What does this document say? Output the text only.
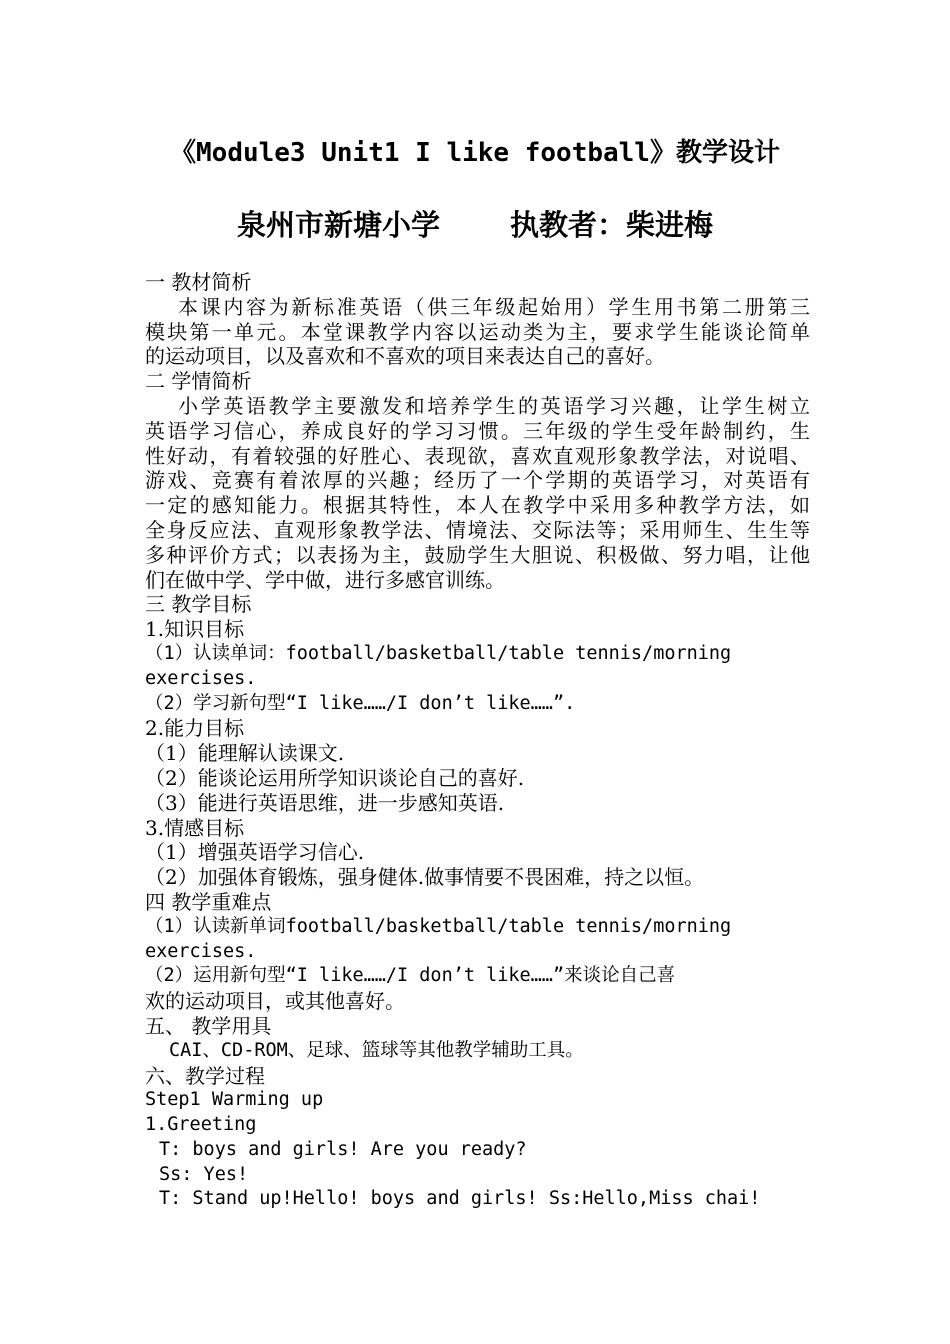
《Module3 Unit1 I like football》教学设计
泉州市新塘小学 执教者：柴进梅
一 教材简析
本课内容为新标准英语（供三年级起始用）学生用书第二册第三
模块第一单元。本堂课教学内容以运动类为主，要求学生能谈论简单
的运动项目，以及喜欢和不喜欢的项目来表达自己的喜好。
二 学情简析
小学英语教学主要激发和培养学生的英语学习兴趣，让学生树立
英语学习信心，养成良好的学习习惯。三年级的学生受年龄制约，生
性好动，有着较强的好胜心、表现欲，喜欢直观形象教学法，对说唱、
游戏、竞赛有着浓厚的兴趣；经历了一个学期的英语学习，对英语有
一定的感知能力。根据其特性，本人在教学中采用多种教学方法，如
全身反应法、直观形象教学法、情境法、交际法等；采用师生、生生等
多种评价方式；以表扬为主，鼓励学生大胆说、积极做、努力唱，让他
们在做中学、学中做，进行多感官训练。
三 教学目标
1.知识目标
（1）认读单词：football/basketball/table tennis/morning
exercises.
（2）学习新句型“I like……/I don’t like……”.
2.能力目标
（1）能理解认读课文.
（2）能谈论运用所学知识谈论自己的喜好.
（3）能进行英语思维，进一步感知英语.
3.情感目标
（1）增强英语学习信心.
（2）加强体育锻炼，强身健体.做事情要不畏困难，持之以恒。
四 教学重难点
（1）认读新单词football/basketball/table tennis/morning
exercises.
（2）运用新句型“I like……/I don’t like……”来谈论自己喜
欢的运动项目，或其他喜好。
五、 教学用具
CAI、CD-ROM、足球、篮球等其他教学辅助工具。
六、教学过程
Step1 Warming up
1.Greeting
T: boys and girls! Are you ready?
Ss: Yes!
T: Stand up!Hello! boys and girls! Ss:Hello,Miss chai!
